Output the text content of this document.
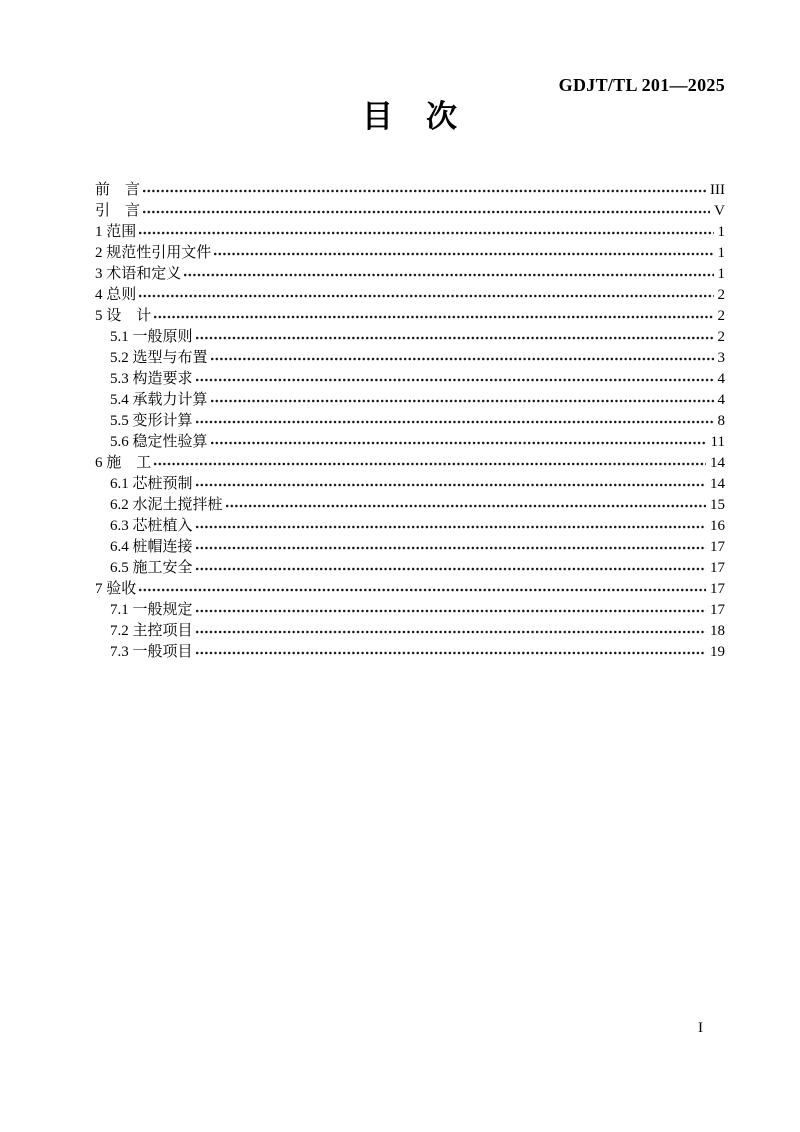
GDJT/TL 201—2025
目　次
前　言	III
引　言	V
1 范围	1
2 规范性引用文件	1
3 术语和定义	1
4 总则	2
5 设　计	2
5.1 一般原则	2
5.2 选型与布置	3
5.3 构造要求	4
5.4 承载力计算	4
5.5 变形计算	8
5.6 稳定性验算	11
6 施　工	14
6.1 芯桩预制	14
6.2 水泥土搅拌桩	15
6.3 芯桩植入	16
6.4 桩帽连接	17
6.5 施工安全	17
7 验收	17
7.1 一般规定	17
7.2 主控项目	18
7.3 一般项目	19
I
